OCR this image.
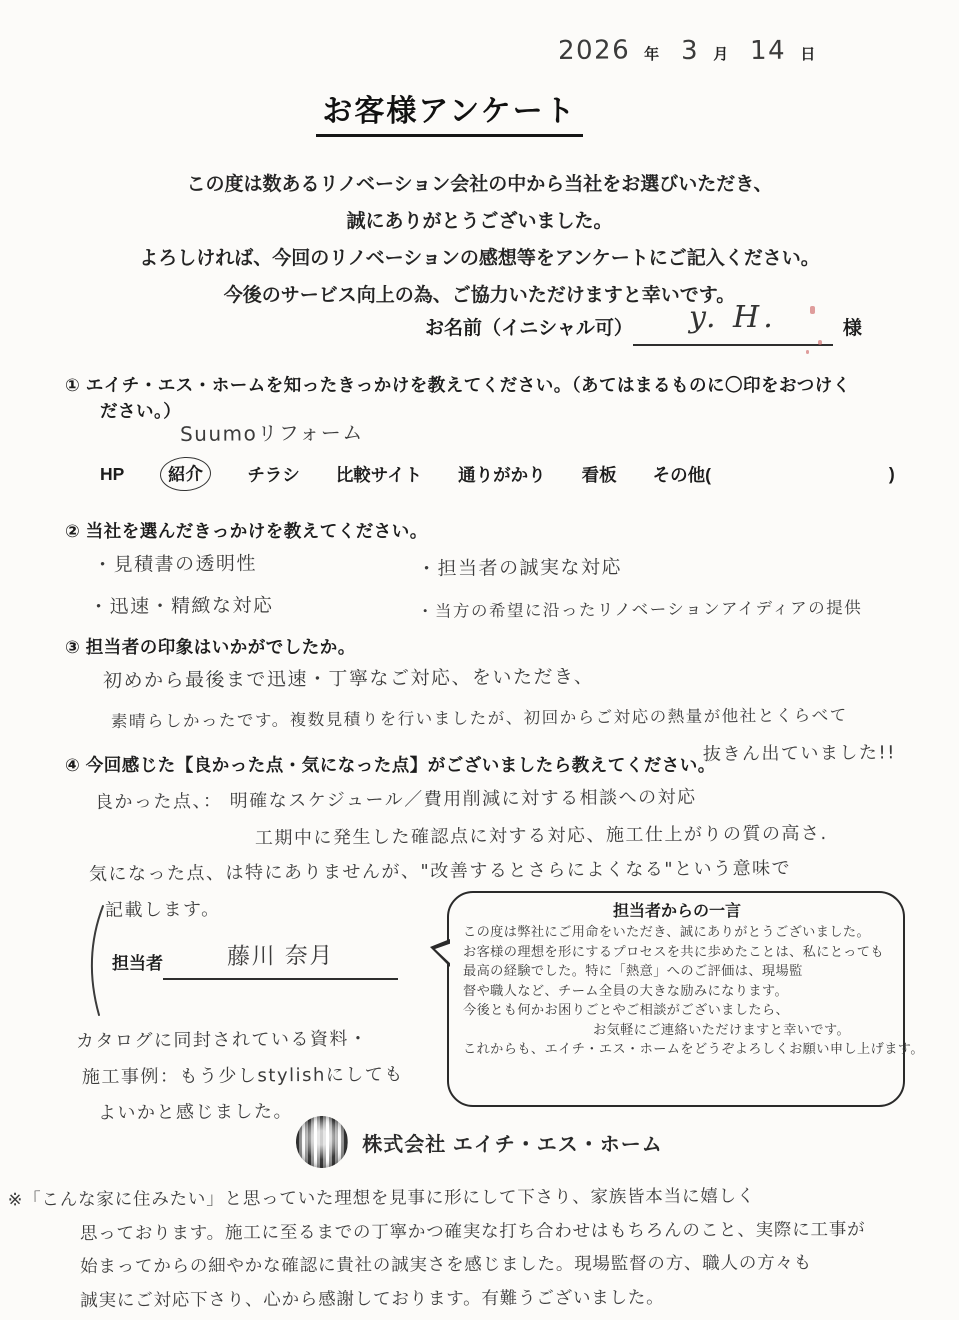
2026 年 3 月 14 日
お客様アンケート
この度は数あるリノベーション会社の中から当社をお選びいただき、
誠にありがとうございました。
よろしければ、今回のリノベーションの感想等をアンケートにご記入ください。
今後のサービス向上の為、ご協力いただけますと幸いです。
お名前（イニシャル可）	y. H.	様
① エイチ・エス・ホームを知ったきっかけを教えてください。（あてはまるものに〇印をおつけく
ださい。）
Suumoリフォーム
HP	紹介	チラシ 比較サイト 通りがかり 看板 その他(	)
② 当社を選んだきっかけを教えてください。
・見積書の透明性
・迅速・精緻な対応
・担当者の誠実な対応
・当方の希望に沿ったリノベーションアイディアの提供
③ 担当者の印象はいかがでしたか。
初めから最後まで迅速・丁寧なご対応、をいただき、
素晴らしかったです。複数見積りを行いましたが、初回からご対応の熱量が他社とくらべて
抜きん出ていました!!
④ 今回感じた【良かった点・気になった点】がございましたら教えてください。
良かった点、： 明確なスケジュール／費用削減に対する相談への対応
工期中に発生した確認点に対する対応、施工仕上がりの質の高さ.
気になった点、は特にありませんが、"改善するとさらによくなる"という意味で
記載します。
担当者	藤川 奈月
担当者からの一言
この度は弊社にご用命をいただき、誠にありがとうございました。
お客様の理想を形にするプロセスを共に歩めたことは、私にとっても
最高の経験でした。特に「熱意」へのご評価は、現場監
督や職人など、チーム全員の大きな励みになります。
今後とも何かお困りごとやご相談がございましたら、
お気軽にご連絡いただけますと幸いです。
これからも、エイチ・エス・ホームをどうぞよろしくお願い申し上げます。
カタログに同封されている資料・
施工事例：もう少しstylishにしても
よいかと感じました。
株式会社 エイチ・エス・ホーム
※「こんな家に住みたい」と思っていた理想を見事に形にして下さり、家族皆本当に嬉しく
思っております。施工に至るまでの丁寧かつ確実な打ち合わせはもちろんのこと、実際に工事が
始まってからの細やかな確認に貴社の誠実さを感じました。現場監督の方、職人の方々も
誠実にご対応下さり、心から感謝しております。有難うございました。
